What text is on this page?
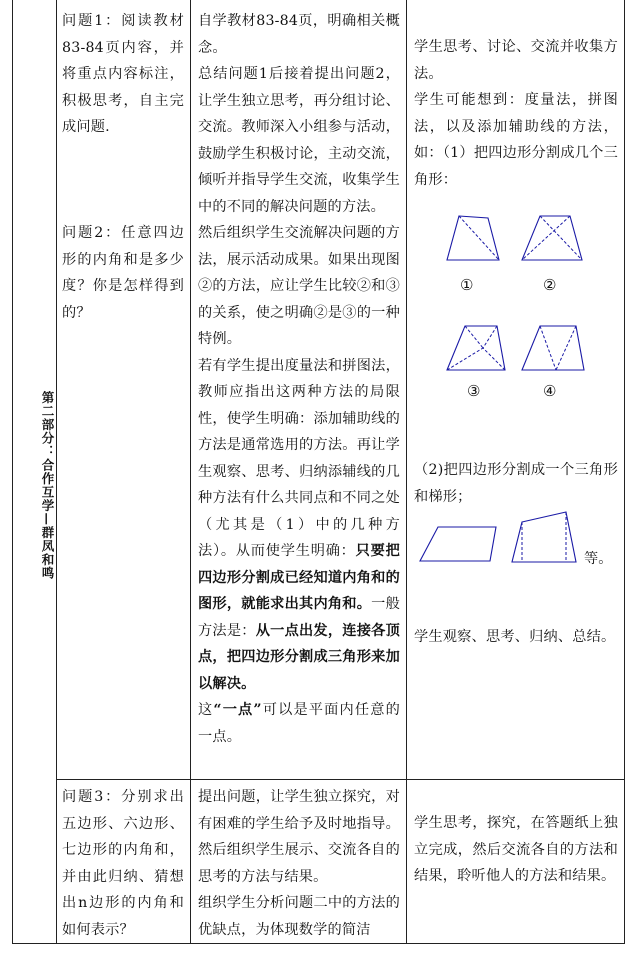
第二部分：合作互学—群凤和鸣

问题1：阅读教材83-84页内容，并将重点内容标注，积极思考，自主完成问题.

问题2：任意四边形的内角和是多少度？你是怎样得到的？

自学教材83-84页，明确相关概念。

总结问题1后接着提出问题2，让学生独立思考，再分组讨论、交流。教师深入小组参与活动，鼓励学生积极讨论，主动交流，倾听并指导学生交流，收集学生中的不同的解决问题的方法。

然后组织学生交流解决问题的方法，展示活动成果。如果出现图②的方法，应让学生比较②和③的关系，使之明确②是③的一种特例。

若有学生提出度量法和拼图法，教师应指出这两种方法的局限性，使学生明确：添加辅助线的方法是通常选用的方法。再让学生观察、思考、归纳添辅线的几种方法有什么共同点和不同之处（尤其是（1）中的几种方法）。从而使学生明确：只要把四边形分割成已经知道内角和的图形，就能求出其内角和。一般方法是：从一点出发，连接各顶点，把四边形分割成三角形来加以解决。

这“一点”可以是平面内任意的一点。

学生思考、讨论、交流并收集方法。

学生可能想到：度量法，拼图法，以及添加辅助线的方法，如：（1）把四边形分割成几个三角形：

①	②
③	④

（2)把四边形分割成一个三角形和梯形；

等。

学生观察、思考、归纳、总结。

问题3：分别求出五边形、六边形、七边形的内角和，并由此归纳、猜想出n边形的内角和如何表示？

提出问题，让学生独立探究，对有困难的学生给予及时地指导。然后组织学生展示、交流各自的思考的方法与结果。

组织学生分析问题二中的方法的优缺点，为体现数学的简洁

学生思考，探究，在答题纸上独立完成，然后交流各自的方法和结果，聆听他人的方法和结果。
